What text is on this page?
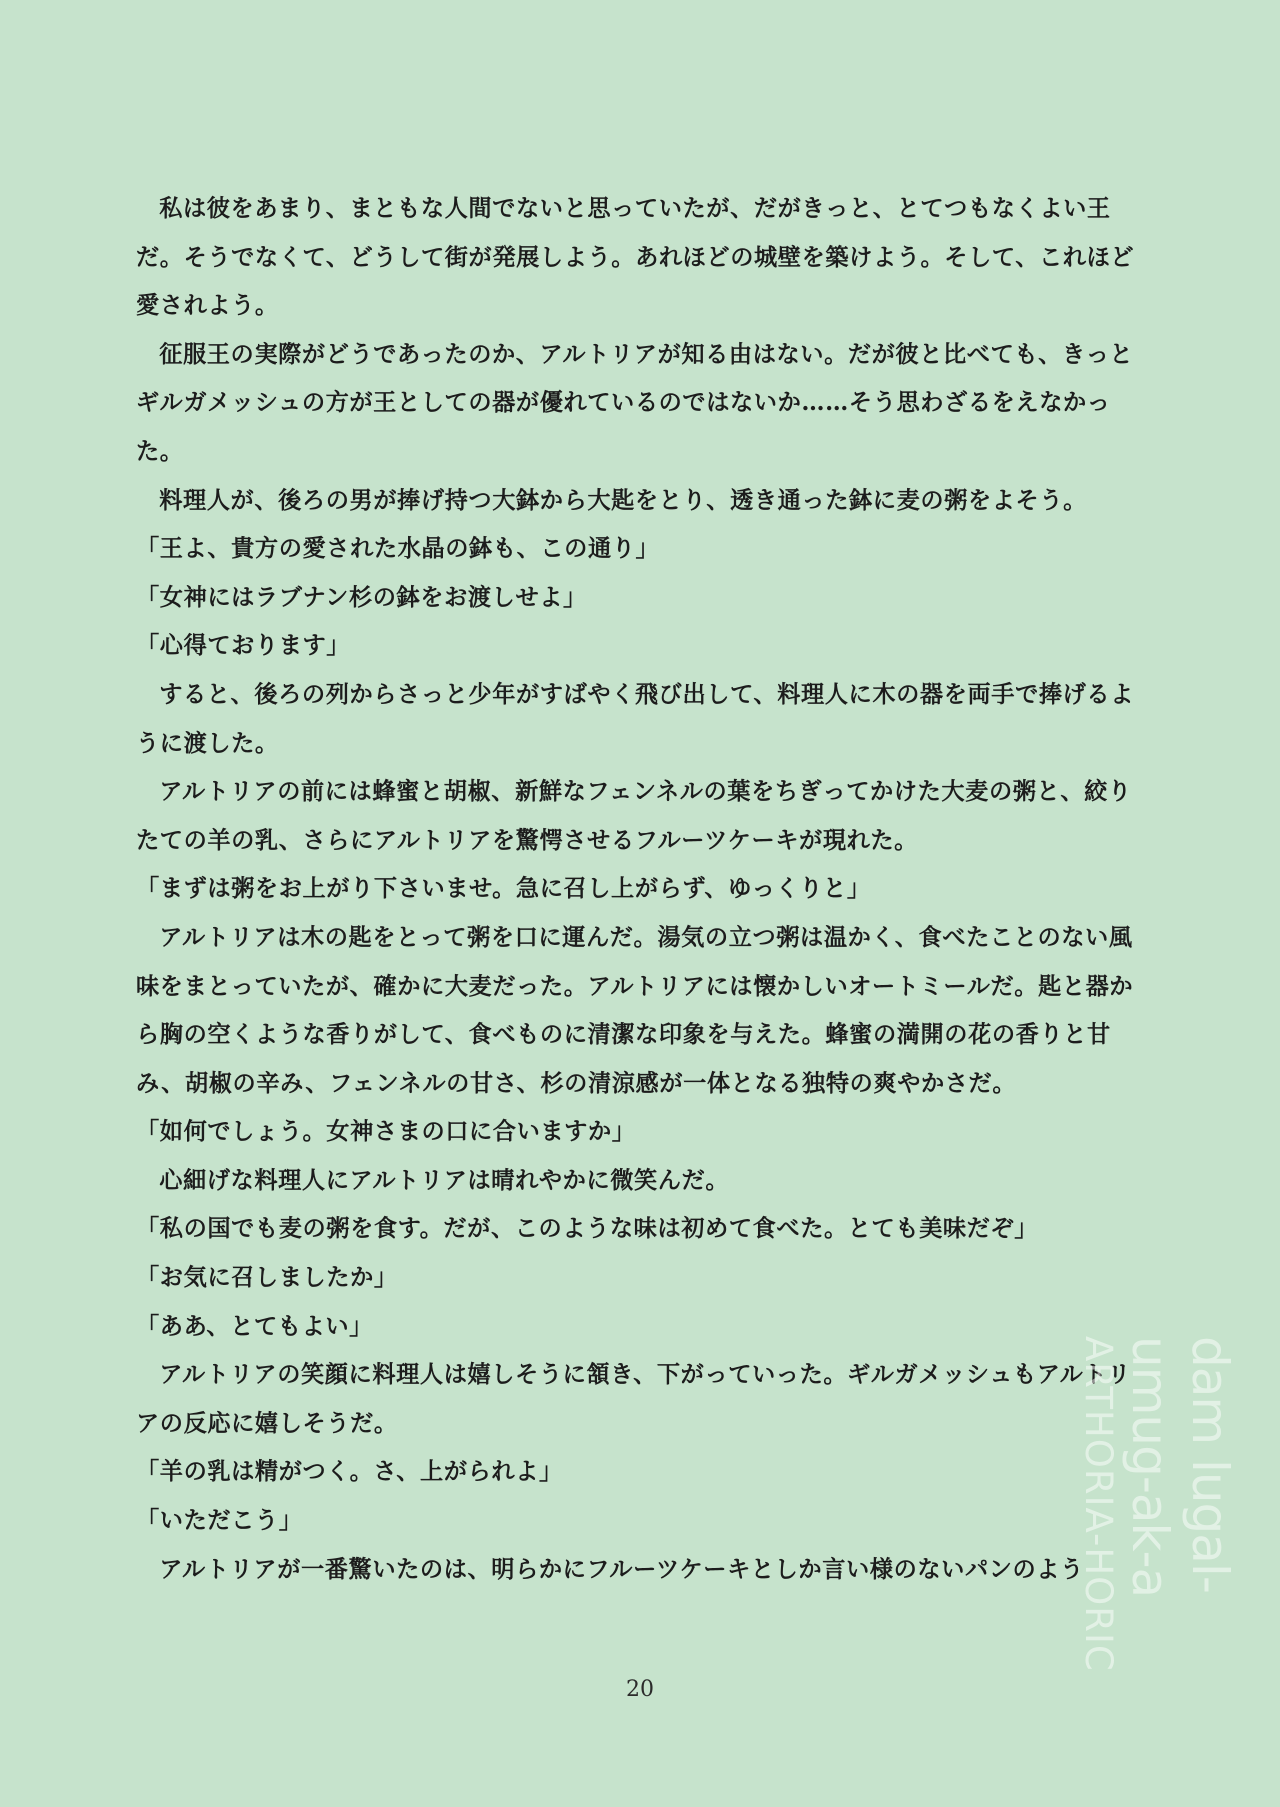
私は彼をあまり、まともな人間でないと思っていたが、だがきっと、とてつもなくよい王だ。そうでなくて、どうして街が発展しよう。あれほどの城壁を築けよう。そして、これほど愛されよう。

征服王の実際がどうであったのか、アルトリアが知る由はない。だが彼と比べても、きっとギルガメッシュの方が王としての器が優れているのではないか……そう思わざるをえなかった。

料理人が、後ろの男が捧げ持つ大鉢から大匙をとり、透き通った鉢に麦の粥をよそう。

「王よ、貴方の愛された水晶の鉢も、この通り」

「女神にはラブナン杉の鉢をお渡しせよ」

「心得ております」

すると、後ろの列からさっと少年がすばやく飛び出して、料理人に木の器を両手で捧げるように渡した。

アルトリアの前には蜂蜜と胡椒、新鮮なフェンネルの葉をちぎってかけた大麦の粥と、絞りたての羊の乳、さらにアルトリアを驚愕させるフルーツケーキが現れた。

「まずは粥をお上がり下さいませ。急に召し上がらず、ゆっくりと」

アルトリアは木の匙をとって粥を口に運んだ。湯気の立つ粥は温かく、食べたことのない風味をまとっていたが、確かに大麦だった。アルトリアには懐かしいオートミールだ。匙と器から胸の空くような香りがして、食べものに清潔な印象を与えた。蜂蜜の満開の花の香りと甘み、胡椒の辛み、フェンネルの甘さ、杉の清涼感が一体となる独特の爽やかさだ。

「如何でしょう。女神さまの口に合いますか」

心細げな料理人にアルトリアは晴れやかに微笑んだ。

「私の国でも麦の粥を食す。だが、このような味は初めて食べた。とても美味だぞ」

「お気に召しましたか」

「ああ、とてもよい」

アルトリアの笑顔に料理人は嬉しそうに頷き、下がっていった。ギルガメッシュもアルトリアの反応に嬉しそうだ。

「羊の乳は精がつく。さ、上がられよ」

「いただこう」

アルトリアが一番驚いたのは、明らかにフルーツケーキとしか言い様のないパンのよう

20
dam lugal-umug-ak-a ARTHORIA-HORIC
